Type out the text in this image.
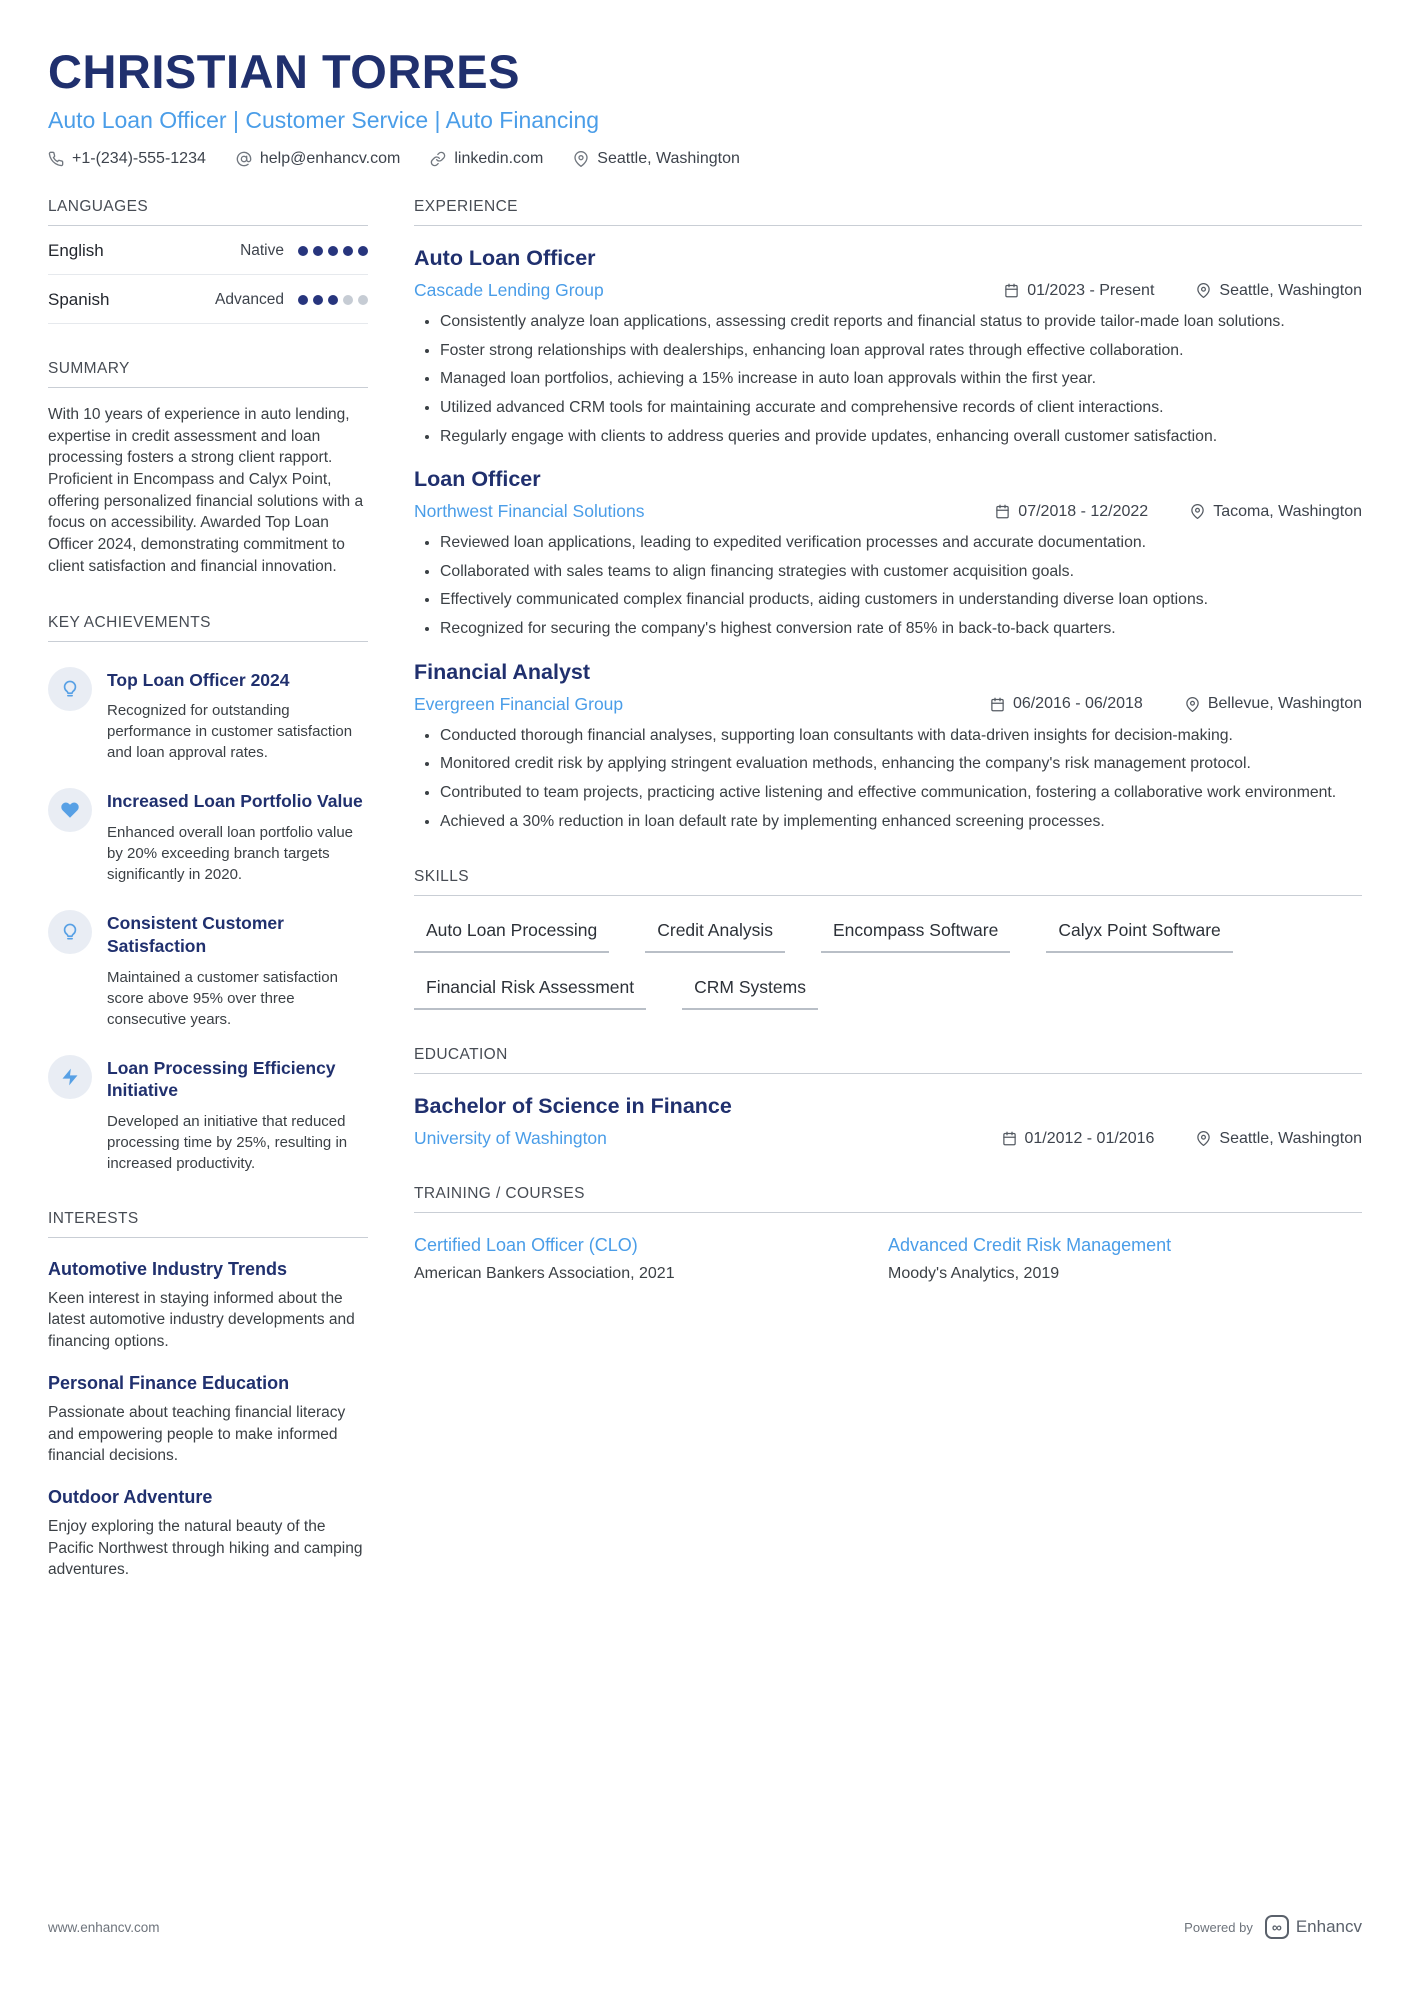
CHRISTIAN TORRES
Auto Loan Officer | Customer Service | Auto Financing
+1-(234)-555-1234	help@enhancv.com	linkedin.com	Seattle, Washington
LANGUAGES
English	Native
Spanish	Advanced
SUMMARY

With 10 years of experience in auto lending, expertise in credit assessment and loan processing fosters a strong client rapport. Proficient in Encompass and Calyx Point, offering personalized financial solutions with a focus on accessibility. Awarded Top Loan Officer 2024, demonstrating commitment to client satisfaction and financial innovation.

KEY ACHIEVEMENTS
Top Loan Officer 2024

Recognized for outstanding performance in customer satisfaction and loan approval rates.

Increased Loan Portfolio Value

Enhanced overall loan portfolio value by 20% exceeding branch targets significantly in 2020.

Consistent Customer Satisfaction

Maintained a customer satisfaction score above 95% over three consecutive years.

Loan Processing Efficiency Initiative

Developed an initiative that reduced processing time by 25%, resulting in increased productivity.

INTERESTS
Automotive Industry Trends

Keen interest in staying informed about the latest automotive industry developments and financing options.

Personal Finance Education

Passionate about teaching financial literacy and empowering people to make informed financial decisions.

Outdoor Adventure

Enjoy exploring the natural beauty of the Pacific Northwest through hiking and camping adventures.

EXPERIENCE
Auto Loan Officer
Cascade Lending Group	01/2023 - Present	Seattle, Washington
• Consistently analyze loan applications, assessing credit reports and financial status to provide tailor-made loan solutions.
• Foster strong relationships with dealerships, enhancing loan approval rates through effective collaboration.
• Managed loan portfolios, achieving a 15% increase in auto loan approvals within the first year.
• Utilized advanced CRM tools for maintaining accurate and comprehensive records of client interactions.
• Regularly engage with clients to address queries and provide updates, enhancing overall customer satisfaction.
Loan Officer
Northwest Financial Solutions	07/2018 - 12/2022	Tacoma, Washington
• Reviewed loan applications, leading to expedited verification processes and accurate documentation.
• Collaborated with sales teams to align financing strategies with customer acquisition goals.
• Effectively communicated complex financial products, aiding customers in understanding diverse loan options.
• Recognized for securing the company's highest conversion rate of 85% in back-to-back quarters.
Financial Analyst
Evergreen Financial Group	06/2016 - 06/2018	Bellevue, Washington
• Conducted thorough financial analyses, supporting loan consultants with data-driven insights for decision-making.
• Monitored credit risk by applying stringent evaluation methods, enhancing the company's risk management protocol.
• Contributed to team projects, practicing active listening and effective communication, fostering a collaborative work environment.
• Achieved a 30% reduction in loan default rate by implementing enhanced screening processes.
SKILLS
Auto Loan Processing	Credit Analysis	Encompass Software	Calyx Point Software
Financial Risk Assessment	CRM Systems
EDUCATION
Bachelor of Science in Finance
University of Washington	01/2012 - 01/2016	Seattle, Washington
TRAINING / COURSES
Certified Loan Officer (CLO)

American Bankers Association, 2021

Advanced Credit Risk Management

Moody's Analytics, 2019

www.enhancv.com	Powered by	∞ Enhancv
